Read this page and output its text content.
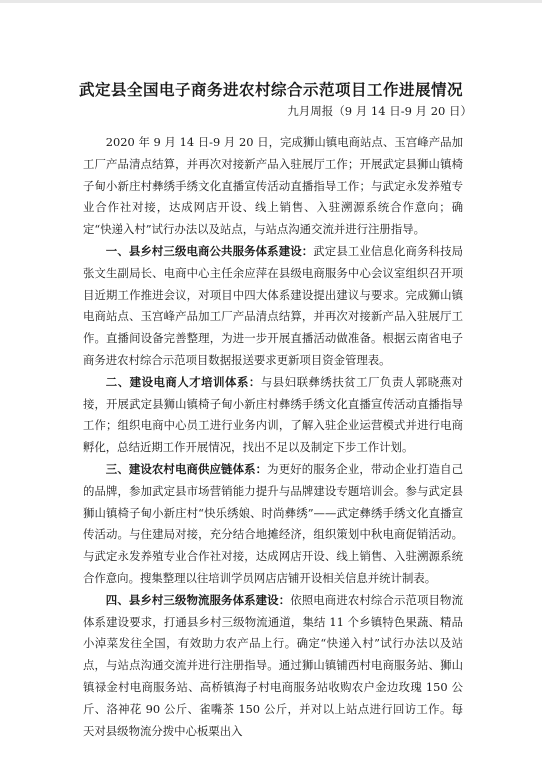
武定县全国电子商务进农村综合示范项目工作进展情况
九月周报（9 月 14 日-9 月 20 日）

2020 年 9 月 14 日-9 月 20 日，完成狮山镇电商站点、玉宫峰产品加工厂产品清点结算，并再次对接新产品入驻展厅工作；开展武定县狮山镇椅子甸小新庄村彝绣手绣文化直播宣传活动直播指导工作；与武定永发养殖专业合作社对接，达成网店开设、线上销售、入驻溯源系统合作意向；确定“快递入村”试行办法以及站点，与站点沟通交流并进行注册指导。

一、县乡村三级电商公共服务体系建设：武定县工业信息化商务科技局张文生副局长、电商中心主任余应萍在县级电商服务中心会议室组织召开项目近期工作推进会议，对项目中四大体系建设提出建议与要求。完成狮山镇电商站点、玉宫峰产品加工厂产品清点结算，并再次对接新产品入驻展厅工作。直播间设备完善整理，为进一步开展直播活动做准备。根据云南省电子商务进农村综合示范项目数据报送要求更新项目资金管理表。

二、建设电商人才培训体系：与县妇联彝绣扶贫工厂负责人郭晓燕对接，开展武定县狮山镇椅子甸小新庄村彝绣手绣文化直播宣传活动直播指导工作；组织电商中心员工进行业务内训，了解入驻企业运营模式并进行电商孵化，总结近期工作开展情况，找出不足以及制定下步工作计划。

三、建设农村电商供应链体系：为更好的服务企业，带动企业打造自己的品牌，参加武定县市场营销能力提升与品牌建设专题培训会。参与武定县狮山镇椅子甸小新庄村“快乐绣娘、时尚彝绣”——武定彝绣手绣文化直播宣传活动。与住建局对接，充分结合地摊经济，组织策划中秋电商促销活动。与武定永发养殖专业合作社对接，达成网店开设、线上销售、入驻溯源系统合作意向。搜集整理以往培训学员网店店铺开设相关信息并统计制表。

四、县乡村三级物流服务体系建设：依照电商进农村综合示范项目物流体系建设要求，打通县乡村三级物流通道，集结 11 个乡镇特色果蔬、精品小淖菜发往全国，有效助力农产品上行。确定“快递入村”试行办法以及站点，与站点沟通交流并进行注册指导。通过狮山镇铺西村电商服务站、狮山镇禄金村电商服务站、高桥镇海子村电商服务站收购农户金边玫瑰 150 公斤、洛神花 90 公斤、雀嘴茶 150 公斤，并对以上站点进行回访工作。每天对县级物流分拨中心板栗出入
